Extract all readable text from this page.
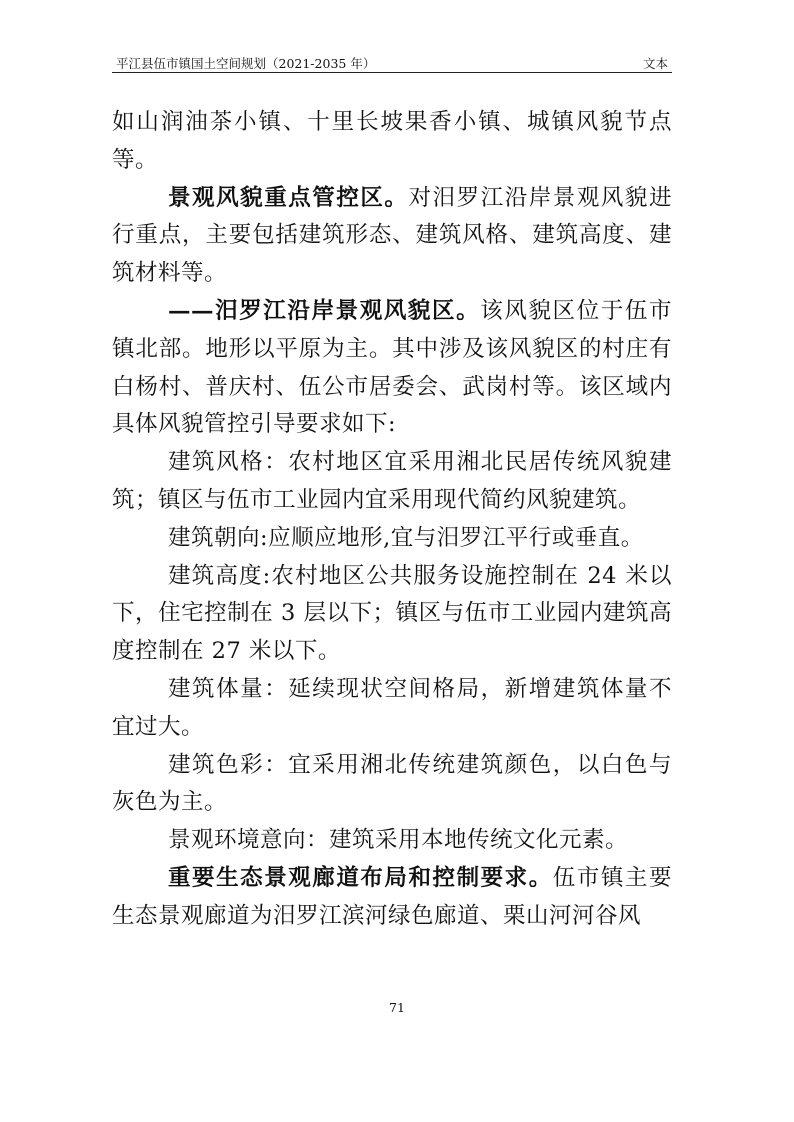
平江县伍市镇国土空间规划（2021-2035 年）	文本

如山润油茶小镇、十里长坡果香小镇、城镇风貌节点等。

景观风貌重点管控区。对汨罗江沿岸景观风貌进行重点，主要包括建筑形态、建筑风格、建筑高度、建筑材料等。

——汨罗江沿岸景观风貌区。该风貌区位于伍市镇北部。地形以平原为主。其中涉及该风貌区的村庄有白杨村、普庆村、伍公市居委会、武岗村等。该区域内具体风貌管控引导要求如下:

建筑风格：农村地区宜采用湘北民居传统风貌建筑；镇区与伍市工业园内宜采用现代简约风貌建筑。

建筑朝向:应顺应地形,宜与汨罗江平行或垂直。

建筑高度:农村地区公共服务设施控制在 24 米以下，住宅控制在 3 层以下；镇区与伍市工业园内建筑高度控制在 27 米以下。

建筑体量：延续现状空间格局，新增建筑体量不宜过大。

建筑色彩：宜采用湘北传统建筑颜色，以白色与灰色为主。

景观环境意向：建筑采用本地传统文化元素。

重要生态景观廊道布局和控制要求。伍市镇主要生态景观廊道为汨罗江滨河绿色廊道、栗山河河谷风

71
